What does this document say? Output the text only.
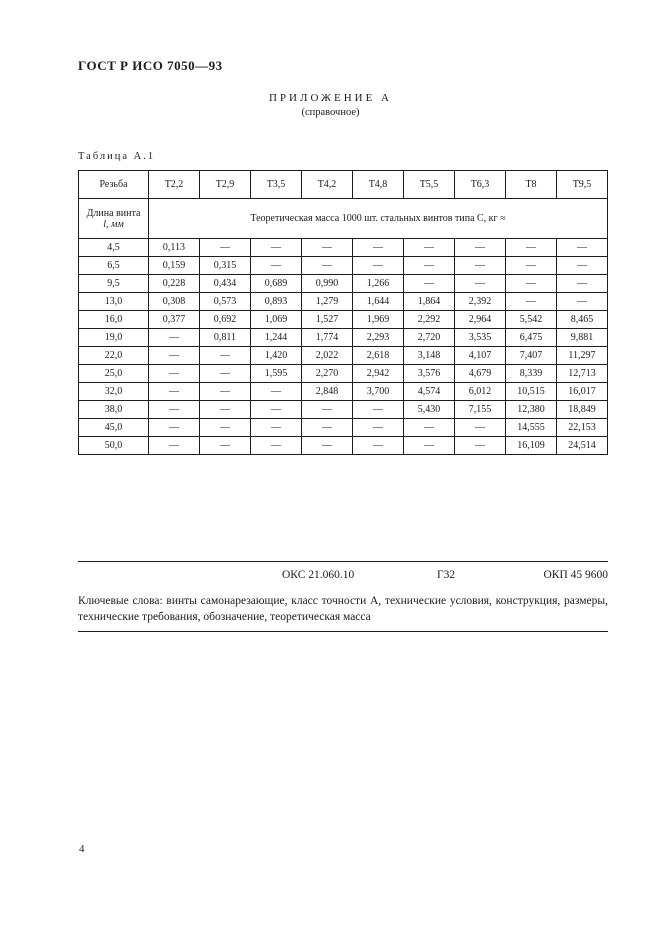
ГОСТ Р ИСО 7050—93
ПРИЛОЖЕНИЕ А
(справочное)
Таблица А.1
Резьба	Т2,2	Т2,9	Т3,5	Т4,2	Т4,8	Т5,5	Т6,3	Т8	Т9,5

Длина винта
l, мм	Теоретическая масса 1000 шт. стальных винтов типа С, кг ≈								
4,5	0,113	—	—	—	—	—	—	—	—
6,5	0,159	0,315	—	—	—	—	—	—	—
9,5	0,228	0,434	0,689	0,990	1,266	—	—	—	—
13,0	0,308	0,573	0,893	1,279	1,644	1,864	2,392	—	—
16,0	0,377	0,692	1,069	1,527	1,969	2,292	2,964	5,542	8,465
19,0	—	0,811	1,244	1,774	2,293	2,720	3,535	6,475	9,881
22,0	—	—	1,420	2,022	2,618	3,148	4,107	7,407	11,297
25,0	—	—	1,595	2,270	2,942	3,576	4,679	8,339	12,713
32,0	—	—	—	2,848	3,700	4,574	6,012	10,515	16,017
38,0	—	—	—	—	—	5,430	7,155	12,380	18,849
45,0	—	—	—	—	—	—	—	14,555	22,153
50,0	—	—	—	—	—	—	—	16,109	24,514
ОКС 21.060.10	Г32	ОКП 45 9600
Ключевые слова: винты самонарезающие, класс точности А, технические условия, конструкция, размеры, технические требования, обозначение, теоретическая масса
4
